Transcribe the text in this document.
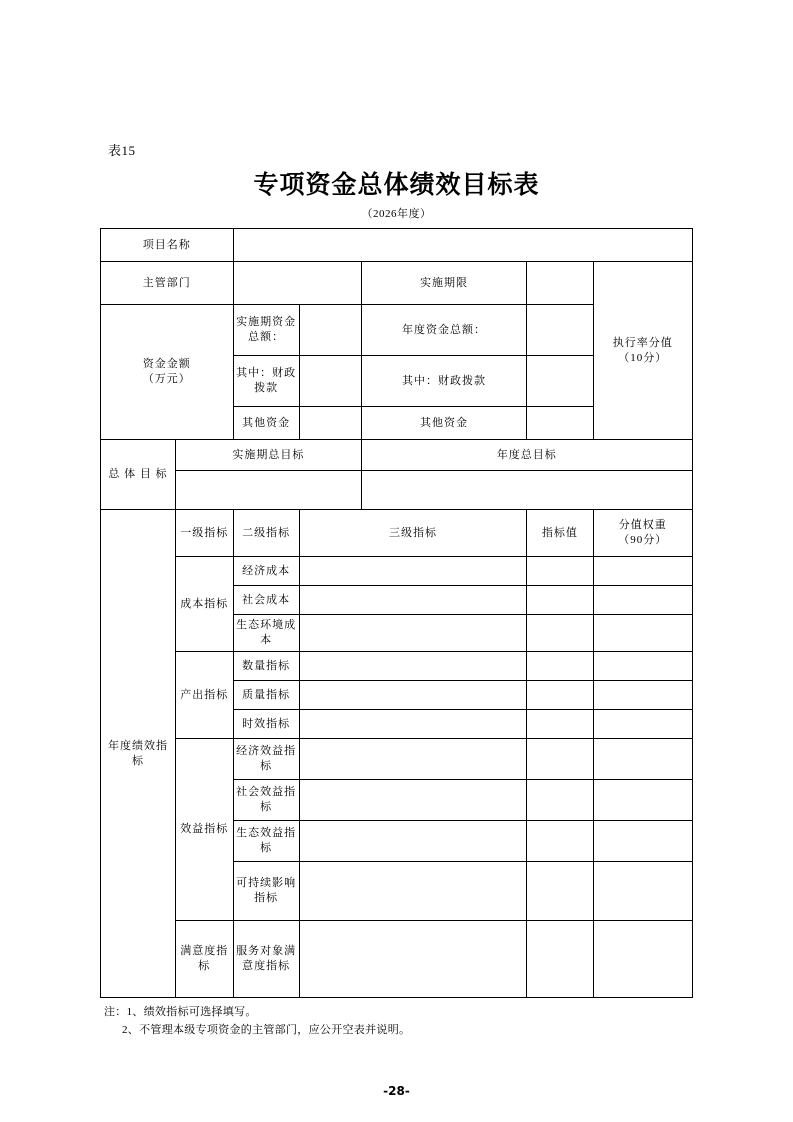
表15
专项资金总体绩效目标表
（2026年度）
项目名称						
主管部门				实施期限		执行率分值
（10分）

资金金额
（万元）		实施期资金总额：		年度资金总额：		
		其中：财政拨款		其中：财政拨款		
		其他资金		其他资金		
总 体 目 标	实施期总目标			年度总目标		

年度绩效指标	一级指标	二级指标	三级指标		指标值	分值权重
（90分）

	成本指标	经济成本				
		社会成本				
		生态环境成本				
	产出指标	数量指标				
		质量指标				
		时效指标				
	效益指标	经济效益指标				
		社会效益指标				
		生态效益指标				
		可持续影响指标				
	满意度指标	服务对象满意度指标				
注：1、绩效指标可选择填写。
2、不管理本级专项资金的主管部门，应公开空表并说明。
-28-
